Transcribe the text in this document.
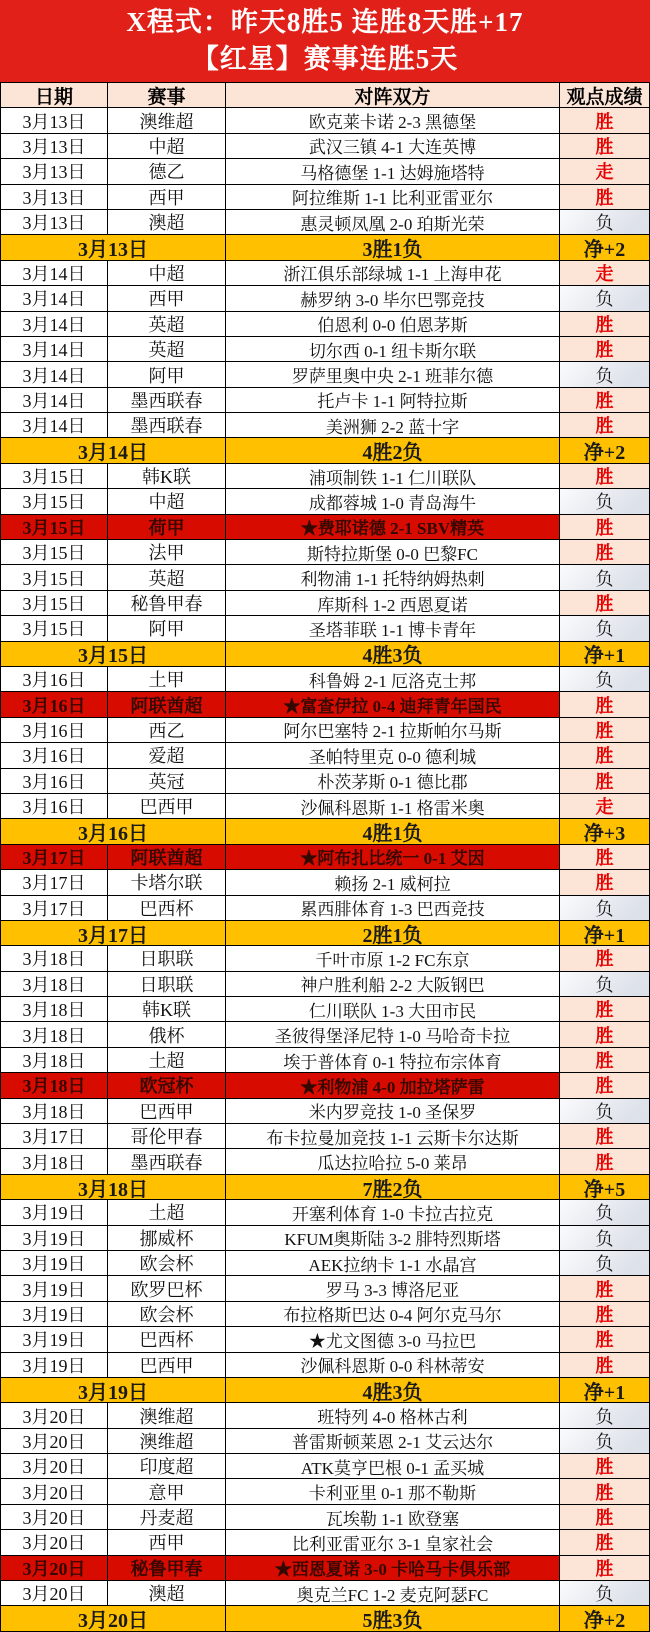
X程式：昨天8胜5 连胜8天胜+17
【红星】赛事连胜5天
日期	赛事	对阵双方	观点成绩
3月13日	澳维超	欧克莱卡诺 2-3 黑德堡	胜
3月13日	中超	武汉三镇 4-1 大连英博	胜
3月13日	德乙	马格德堡 1-1 达姆施塔特	走
3月13日	西甲	阿拉维斯 1-1 比利亚雷亚尔	胜
3月13日	澳超	惠灵顿凤凰 2-0 珀斯光荣	负
3月13日	3胜1负	净+2
3月14日	中超	浙江俱乐部绿城 1-1 上海申花	走
3月14日	西甲	赫罗纳 3-0 毕尔巴鄂竞技	负
3月14日	英超	伯恩利 0-0 伯恩茅斯	胜
3月14日	英超	切尔西 0-1 纽卡斯尔联	胜
3月14日	阿甲	罗萨里奥中央 2-1 班菲尔德	负
3月14日	墨西联春	托卢卡 1-1 阿特拉斯	胜
3月14日	墨西联春	美洲狮 2-2 蓝十字	胜
3月14日	4胜2负	净+2
3月15日	韩K联	浦项制铁 1-1 仁川联队	胜
3月15日	中超	成都蓉城 1-0 青岛海牛	负
3月15日	荷甲	★费耶诺德 2-1 SBV精英	胜
3月15日	法甲	斯特拉斯堡 0-0 巴黎FC	胜
3月15日	英超	利物浦 1-1 托特纳姆热刺	负
3月15日	秘鲁甲春	库斯科 1-2 西恩夏诺	胜
3月15日	阿甲	圣塔菲联 1-1 博卡青年	负
3月15日	4胜3负	净+1
3月16日	土甲	科鲁姆 2-1 厄洛克士邦	负
3月16日	阿联酋超	★富查伊拉 0-4 迪拜青年国民	胜
3月16日	西乙	阿尔巴塞特 2-1 拉斯帕尔马斯	胜
3月16日	爱超	圣帕特里克 0-0 德利城	胜
3月16日	英冠	朴茨茅斯 0-1 德比郡	胜
3月16日	巴西甲	沙佩科恩斯 1-1 格雷米奥	走
3月16日	4胜1负	净+3
3月17日	阿联酋超	★阿布扎比统一 0-1 艾因	胜
3月17日	卡塔尔联	赖扬 2-1 威柯拉	胜
3月17日	巴西杯	累西腓体育 1-3 巴西竞技	负
3月17日	2胜1负	净+1
3月18日	日职联	千叶市原 1-2 FC东京	胜
3月18日	日职联	神户胜利船 2-2 大阪钢巴	负
3月18日	韩K联	仁川联队 1-3 大田市民	胜
3月18日	俄杯	圣彼得堡泽尼特 1-0 马哈奇卡拉	胜
3月18日	土超	埃于普体育 0-1 特拉布宗体育	胜
3月18日	欧冠杯	★利物浦 4-0 加拉塔萨雷	胜
3月18日	巴西甲	米内罗竞技 1-0 圣保罗	负
3月17日	哥伦甲春	布卡拉曼加竞技 1-1 云斯卡尔达斯	胜
3月18日	墨西联春	瓜达拉哈拉 5-0 莱昂	胜
3月18日	7胜2负	净+5
3月19日	土超	开塞利体育 1-0 卡拉古拉克	负
3月19日	挪威杯	KFUM奥斯陆 3-2 腓特烈斯塔	负
3月19日	欧会杯	AEK拉纳卡 1-1 水晶宫	负
3月19日	欧罗巴杯	罗马 3-3 博洛尼亚	胜
3月19日	欧会杯	布拉格斯巴达 0-4 阿尔克马尔	胜
3月19日	巴西杯	★尤文图德 3-0 马拉巴	胜
3月19日	巴西甲	沙佩科恩斯 0-0 科林蒂安	胜
3月19日	4胜3负	净+1
3月20日	澳维超	班特列 4-0 格林古利	负
3月20日	澳维超	普雷斯顿莱恩 2-1 艾云达尔	负
3月20日	印度超	ATK莫亨巴根 0-1 孟买城	胜
3月20日	意甲	卡利亚里 0-1 那不勒斯	胜
3月20日	丹麦超	瓦埃勒 1-1 欧登塞	胜
3月20日	西甲	比利亚雷亚尔 3-1 皇家社会	胜
3月20日	秘鲁甲春	★西恩夏诺 3-0 卡哈马卡俱乐部	胜
3月20日	澳超	奥克兰FC 1-2 麦克阿瑟FC	负
3月20日	5胜3负	净+2
